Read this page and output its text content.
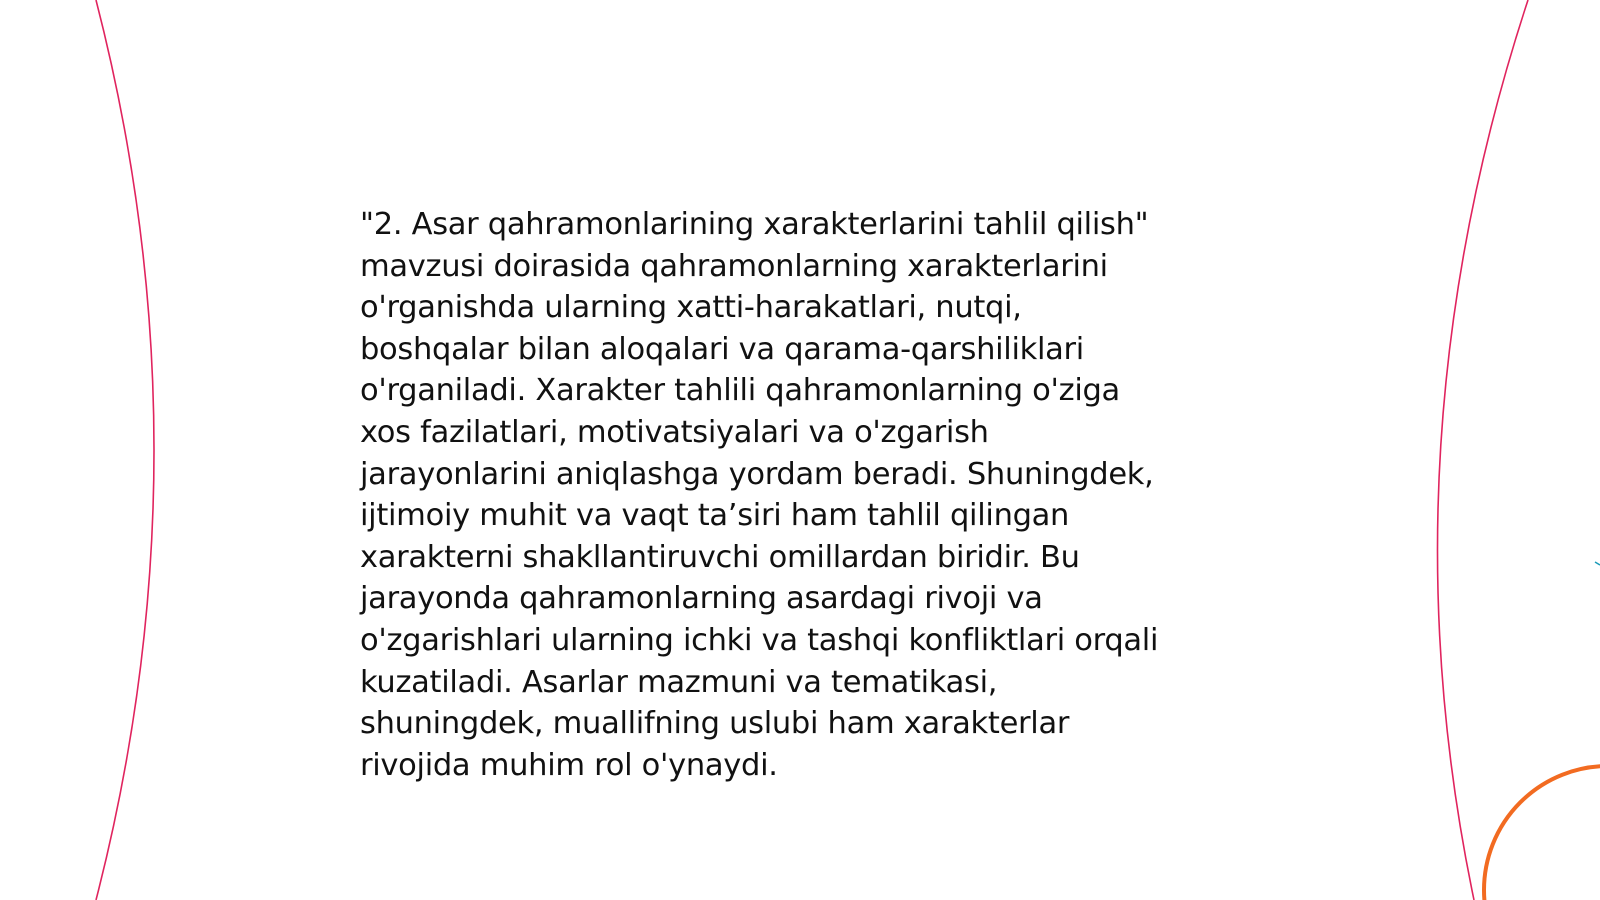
"2. Asar qahramonlarining xarakterlarini tahlil qilish"
mavzusi doirasida qahramonlarning xarakterlarini
o'rganishda ularning xatti-harakatlari, nutqi,
boshqalar bilan aloqalari va qarama-qarshiliklari
o'rganiladi. Xarakter tahlili qahramonlarning o'ziga
xos fazilatlari, motivatsiyalari va o'zgarish
jarayonlarini aniqlashga yordam beradi. Shuningdek,
ijtimoiy muhit va vaqt ta’siri ham tahlil qilingan
xarakterni shakllantiruvchi omillardan biridir. Bu
jarayonda qahramonlarning asardagi rivoji va
o'zgarishlari ularning ichki va tashqi konfliktlari orqali
kuzatiladi. Asarlar mazmuni va tematikasi,
shuningdek, muallifning uslubi ham xarakterlar
rivojida muhim rol o'ynaydi.
